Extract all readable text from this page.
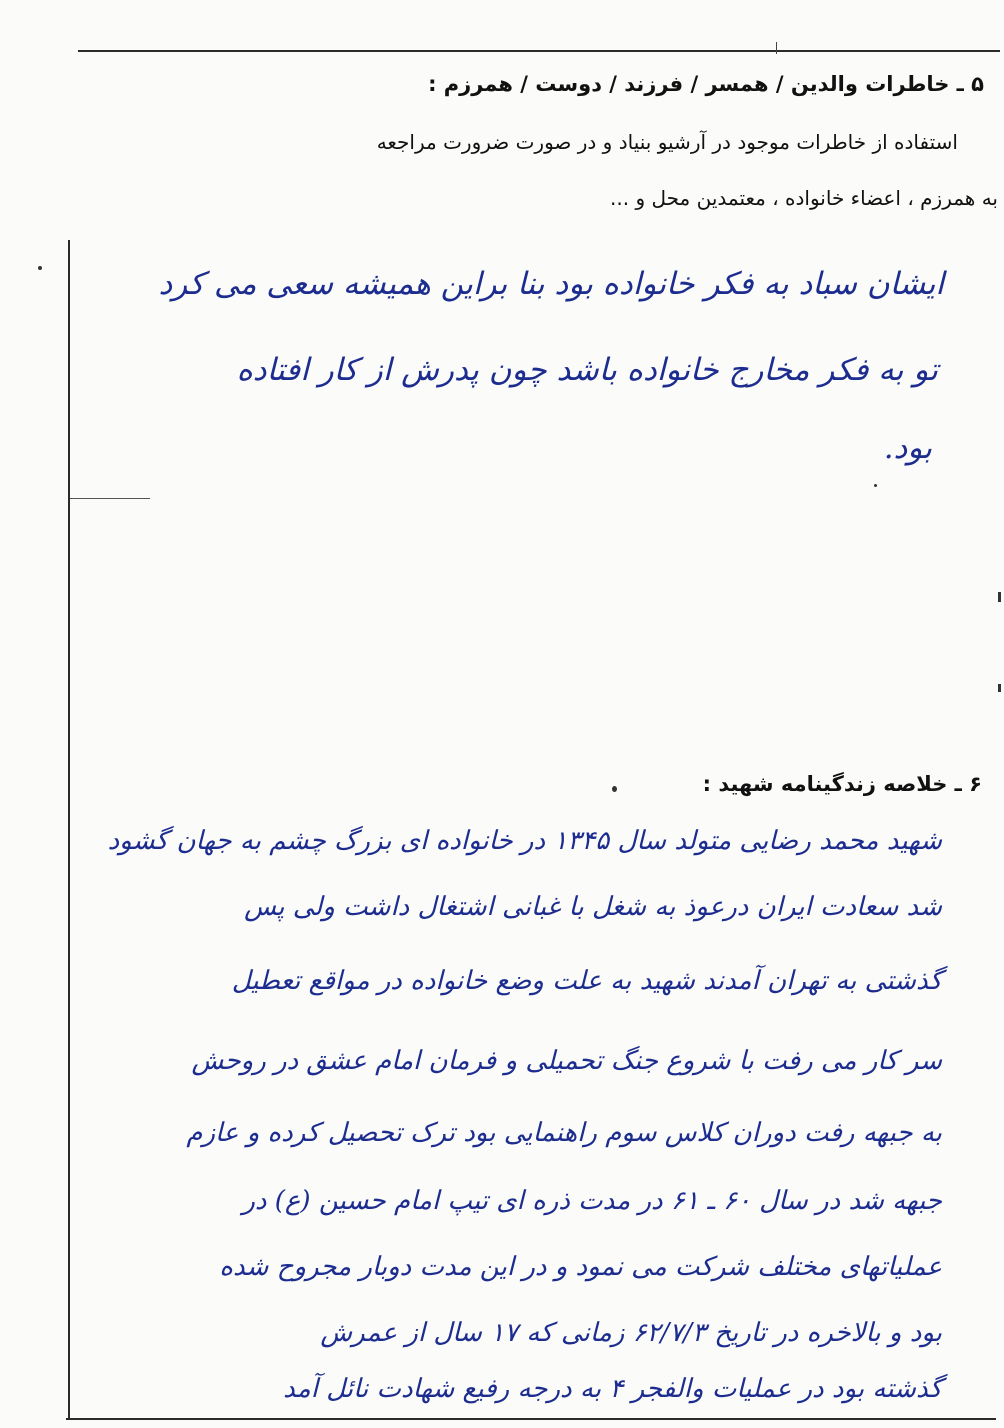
۵ ـ خاطرات والدین / همسر / فرزند / دوست / همرزم :
استفاده از خاطرات موجود در آرشیو بنیاد و در صورت ضرورت مراجعه
به همرزم ، اعضاء خانواده ، معتمدین محل و ...
ایشان سباد به فکر خانواده بود بنا براین همیشه سعی می کرد
تو به فکر مخارج خانواده باشد چون پدرش از کار افتاده
بود.
۶ ـ خلاصه زندگینامه شهید :
شهید محمد رضایی متولد سال ۱۳۴۵ در خانواده ای بزرگ چشم به جهان گشود
شد سعادت ایران درعوذ به شغل با غبانی اشتغال داشت ولی پس
گذشتی به تهران آمدند شهید به علت وضع خانواده در مواقع تعطیل
سر کار می رفت با شروع جنگ تحمیلی و فرمان امام عشق در روحش
به جبهه رفت دوران کلاس سوم راهنمایی بود ترک تحصیل کرده و عازم
جبهه شد در سال ۶۰ ـ ۶۱ در مدت ذره ای تیپ امام حسین (ع) در
عملیاتهای مختلف شرکت می نمود و در این مدت دوبار مجروح شده
بود و بالاخره در تاریخ ۶۲/۷/۳ زمانی که ۱۷ سال از عمرش
گذشته بود در عملیات والفجر ۴ به درجه رفیع شهادت نائل آمد
